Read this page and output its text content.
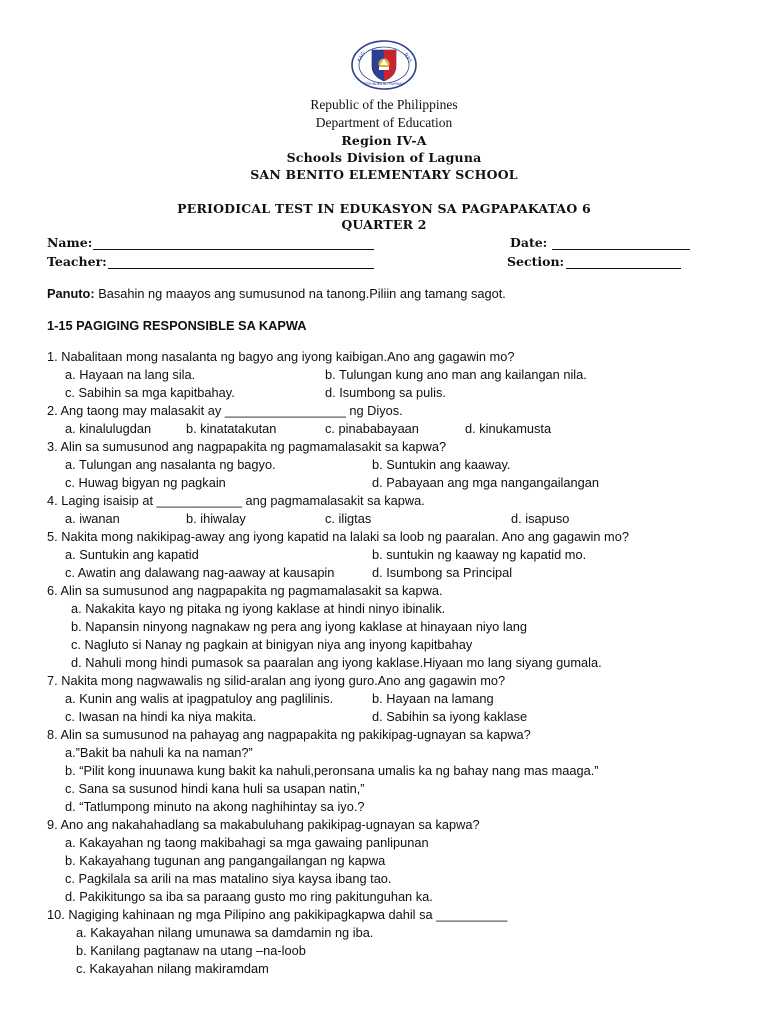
KAG	NAS
REPUBLIKA NG PILIPINAS
Republic of the Philippines
Department of Education
Region IV-A
Schools Division of Laguna
SAN BENITO ELEMENTARY SCHOOL
PERIODICAL TEST IN EDUKASYON SA PAGPAPAKATAO 6
QUARTER 2
Name:	Date:
Teacher:	Section:
Panuto: Basahin ng maayos ang sumusunod na tanong.Piliin ang tamang sagot.
1-15 PAGIGING RESPONSIBLE SA KAPWA
1. Nabalitaan mong nasalanta ng bagyo ang iyong kaibigan.Ano ang gagawin mo?
a. Hayaan na lang sila.	b. Tulungan kung ano man ang kailangan nila.
c. Sabihin sa mga kapitbahay.	d. Isumbong sa pulis.
2. Ang taong may malasakit ay _________________ ng Diyos.
a. kinalulugdan	b. kinatatakutan	c. pinababayaan	d. kinukamusta
3. Alin sa sumusunod ang nagpapakita ng pagmamalasakit sa kapwa?
a. Tulungan ang nasalanta ng bagyo.	b. Suntukin ang kaaway.
c. Huwag bigyan ng pagkain	d. Pabayaan ang mga nangangailangan
4. Laging isaisip at ____________ ang pagmamalasakit sa kapwa.
a. iwanan	b. ihiwalay	c. iligtas	d. isapuso
5. Nakita mong nakikipag-away ang iyong kapatid na lalaki sa loob ng paaralan. Ano ang gagawin mo?
a. Suntukin ang kapatid	b. suntukin ng kaaway ng kapatid mo.
c. Awatin ang dalawang nag-aaway at kausapin	d. Isumbong sa Principal
6. Alin sa sumusunod ang nagpapakita ng pagmamalasakit sa kapwa.
a. Nakakita kayo ng pitaka ng iyong kaklase at hindi ninyo ibinalik.
b. Napansin ninyong nagnakaw ng pera ang iyong kaklase at hinayaan niyo lang
c. Nagluto si Nanay ng pagkain at binigyan niya ang inyong kapitbahay
d. Nahuli mong hindi pumasok sa paaralan ang iyong kaklase.Hiyaan mo lang siyang gumala.
7. Nakita mong nagwawalis ng silid-aralan ang iyong guro.Ano ang gagawin mo?
a. Kunin ang walis at ipagpatuloy ang paglilinis.	b. Hayaan na lamang
c. Iwasan na hindi ka niya makita.	d. Sabihin sa iyong kaklase
8. Alin sa sumusunod na pahayag ang nagpapakita ng pakikipag-ugnayan sa kapwa?
a.”Bakit ba nahuli ka na naman?”
b. “Pilit kong inuunawa kung bakit ka nahuli,peronsana umalis ka ng bahay nang mas maaga.”
c. Sana sa susunod hindi kana huli sa usapan natin,”
d. “Tatlumpong minuto na akong naghihintay sa iyo.?
9. Ano ang nakahahadlang sa makabuluhang pakikipag-ugnayan sa kapwa?
a. Kakayahan ng taong makibahagi sa mga gawaing panlipunan
b. Kakayahang tugunan ang pangangailangan ng kapwa
c. Pagkilala sa arili na mas matalino siya kaysa ibang tao.
d. Pakikitungo sa iba sa paraang gusto mo ring pakitunguhan ka.
10. Nagiging kahinaan ng mga Pilipino ang pakikipagkapwa dahil sa __________
a. Kakayahan nilang umunawa sa damdamin ng iba.
b. Kanilang pagtanaw na utang –na-loob
c. Kakayahan nilang makiramdam
